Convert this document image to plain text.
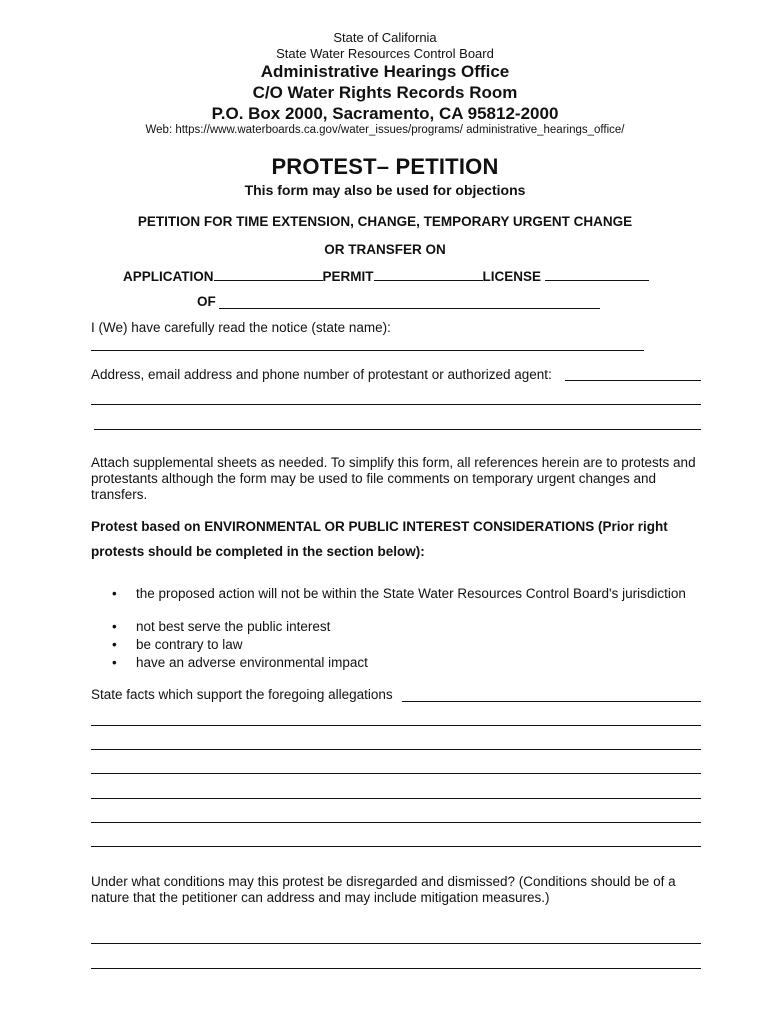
State of California
State Water Resources Control Board
Administrative Hearings Office
C/O Water Rights Records Room
P.O. Box 2000, Sacramento, CA 95812-2000
Web: https://www.waterboards.ca.gov/water_issues/programs/ administrative_hearings_office/
PROTEST– PETITION
This form may also be used for objections
PETITION FOR TIME EXTENSION, CHANGE, TEMPORARY URGENT CHANGE
OR TRANSFER ON
APPLICATION	PERMIT	LICENSE
OF
I (We) have carefully read the notice (state name):
Address, email address and phone number of protestant or authorized agent:
Attach supplemental sheets as needed. To simplify this form, all references herein are to protests and protestants although the form may be used to file comments on temporary urgent changes and transfers.
Protest based on ENVIRONMENTAL OR PUBLIC INTEREST CONSIDERATIONS (Prior right
protests should be completed in the section below):
• the proposed action will not be within the State Water Resources Control Board's jurisdiction
• not best serve the public interest
• be contrary to law
• have an adverse environmental impact
State facts which support the foregoing allegations
Under what conditions may this protest be disregarded and dismissed? (Conditions should be of a nature that the petitioner can address and may include mitigation measures.)
